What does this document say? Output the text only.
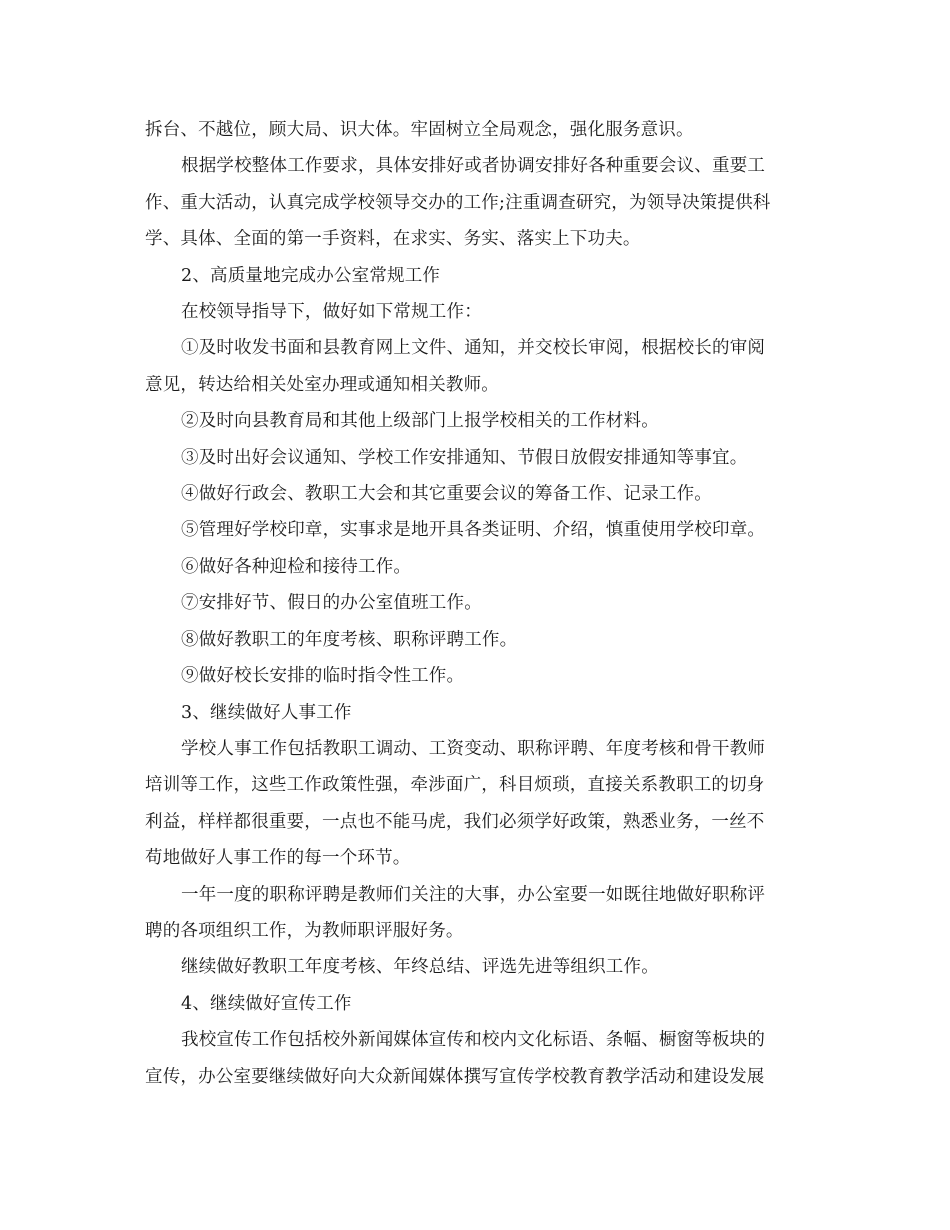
拆台、不越位，顾大局、识大体。牢固树立全局观念，强化服务意识。

根据学校整体工作要求，具体安排好或者协调安排好各种重要会议、重要工

作、重大活动，认真完成学校领导交办的工作;注重调查研究，为领导决策提供科

学、具体、全面的第一手资料，在求实、务实、落实上下功夫。

2、高质量地完成办公室常规工作

在校领导指导下，做好如下常规工作：

①及时收发书面和县教育网上文件、通知，并交校长审阅，根据校长的审阅

意见，转达给相关处室办理或通知相关教师。

②及时向县教育局和其他上级部门上报学校相关的工作材料。

③及时出好会议通知、学校工作安排通知、节假日放假安排通知等事宜。

④做好行政会、教职工大会和其它重要会议的筹备工作、记录工作。

⑤管理好学校印章，实事求是地开具各类证明、介绍，慎重使用学校印章。

⑥做好各种迎检和接待工作。

⑦安排好节、假日的办公室值班工作。

⑧做好教职工的年度考核、职称评聘工作。

⑨做好校长安排的临时指令性工作。

3、继续做好人事工作

学校人事工作包括教职工调动、工资变动、职称评聘、年度考核和骨干教师

培训等工作，这些工作政策性强，牵涉面广，科目烦琐，直接关系教职工的切身

利益，样样都很重要，一点也不能马虎，我们必须学好政策，熟悉业务，一丝不

苟地做好人事工作的每一个环节。

一年一度的职称评聘是教师们关注的大事，办公室要一如既往地做好职称评

聘的各项组织工作，为教师职评服好务。

继续做好教职工年度考核、年终总结、评选先进等组织工作。

4、继续做好宣传工作

我校宣传工作包括校外新闻媒体宣传和校内文化标语、条幅、橱窗等板块的

宣传，办公室要继续做好向大众新闻媒体撰写宣传学校教育教学活动和建设发展
